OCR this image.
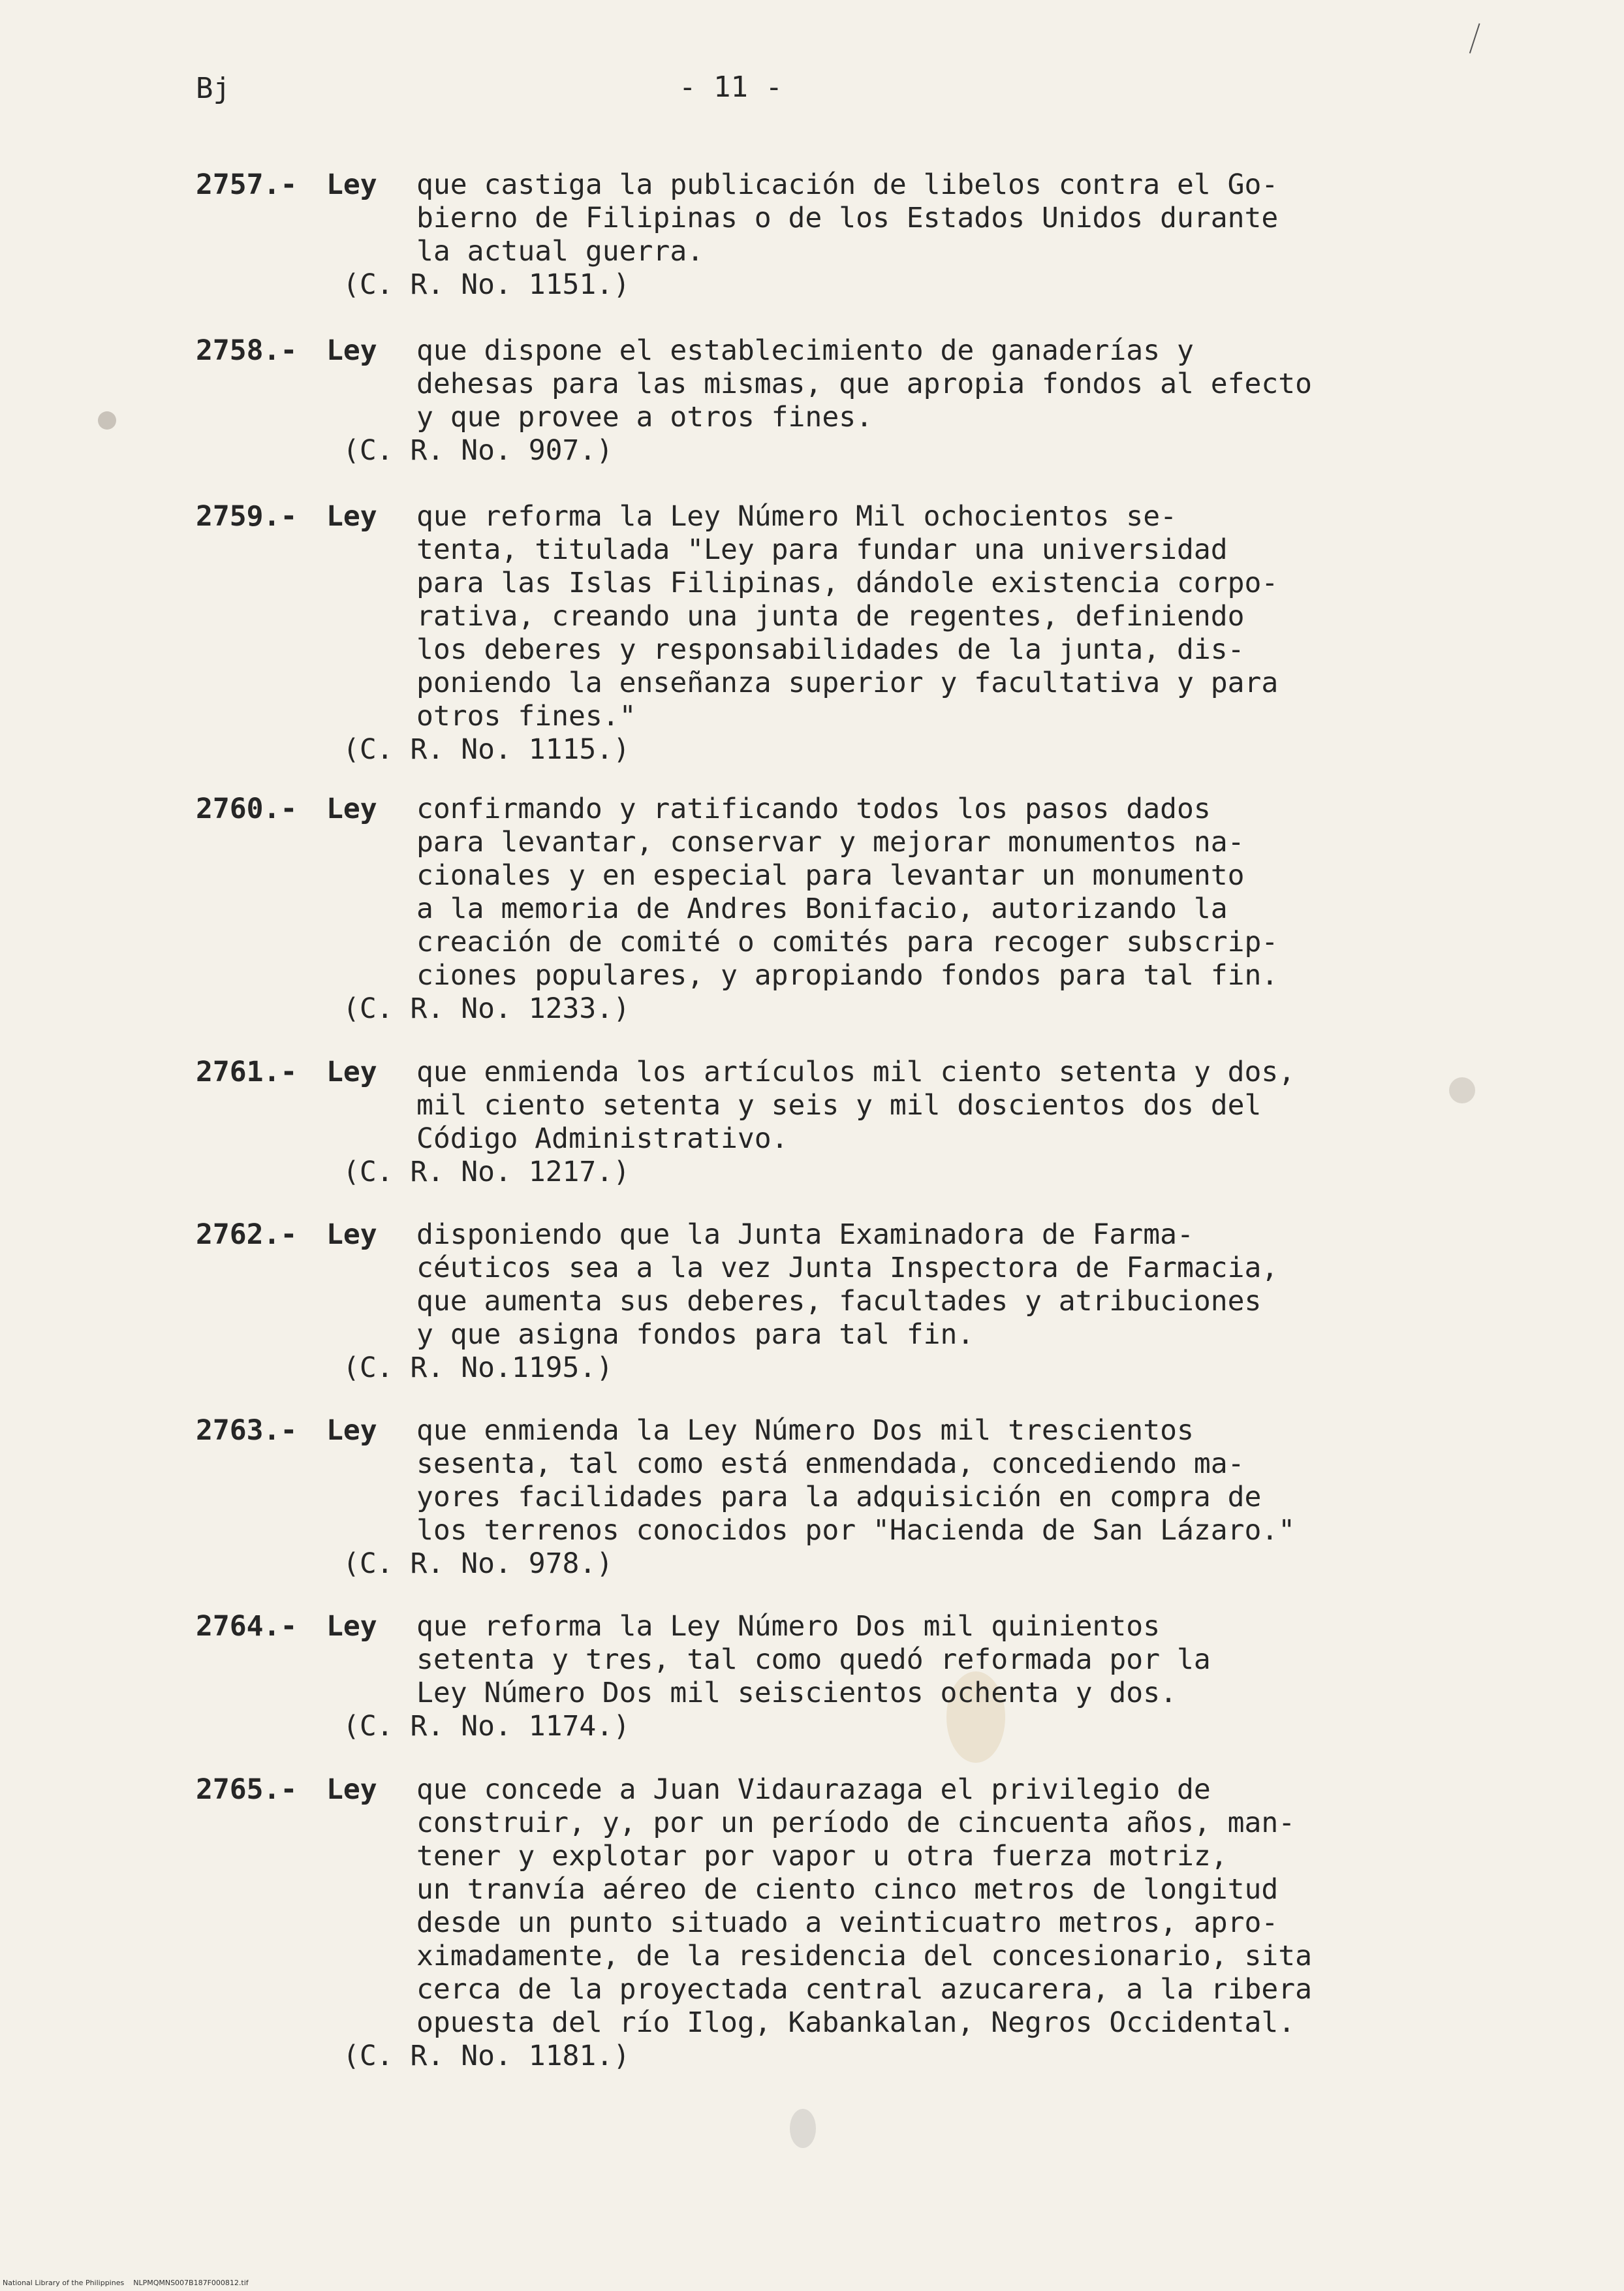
Bj	- 11 -
2757.-	Ley	que castiga la publicación de libelos contra el Go-
bierno de Filipinas o de los Estados Unidos durante
la actual guerra.
(C. R. No. 1151.)
2758.-	Ley	que dispone el establecimiento de ganaderías y
dehesas para las mismas, que apropia fondos al efecto
y que provee a otros fines.
(C. R. No. 907.)
2759.-	Ley	que reforma la Ley Número Mil ochocientos se-
tenta, titulada "Ley para fundar una universidad
para las Islas Filipinas, dándole existencia corpo-
rativa, creando una junta de regentes, definiendo
los deberes y responsabilidades de la junta, dis-
poniendo la enseñanza superior y facultativa y para
otros fines."
(C. R. No. 1115.)
2760.-	Ley	confirmando y ratificando todos los pasos dados
para levantar, conservar y mejorar monumentos na-
cionales y en especial para levantar un monumento
a la memoria de Andres Bonifacio, autorizando la
creación de comité o comités para recoger subscrip-
ciones populares, y apropiando fondos para tal fin.
(C. R. No. 1233.)
2761.-	Ley	que enmienda los artículos mil ciento setenta y dos,
mil ciento setenta y seis y mil doscientos dos del
Código Administrativo.
(C. R. No. 1217.)
2762.-	Ley	disponiendo que la Junta Examinadora de Farma-
céuticos sea a la vez Junta Inspectora de Farmacia,
que aumenta sus deberes, facultades y atribuciones
y que asigna fondos para tal fin.
(C. R. No.1195.)
2763.-	Ley	que enmienda la Ley Número Dos mil trescientos
sesenta, tal como está enmendada, concediendo ma-
yores facilidades para la adquisición en compra de
los terrenos conocidos por "Hacienda de San Lázaro."
(C. R. No. 978.)
2764.-	Ley	que reforma la Ley Número Dos mil quinientos
setenta y tres, tal como quedó reformada por la
Ley Número Dos mil seiscientos ochenta y dos.
(C. R. No. 1174.)
2765.-	Ley	que concede a Juan Vidaurazaga el privilegio de
construir, y, por un período de cincuenta años, man-
tener y explotar por vapor u otra fuerza motriz,
un tranvía aéreo de ciento cinco metros de longitud
desde un punto situado a veinticuatro metros, apro-
ximadamente, de la residencia del concesionario, sita
cerca de la proyectada central azucarera, a la ribera
opuesta del río Ilog, Kabankalan, Negros Occidental.
(C. R. No. 1181.)
National Library of the Philippines NLPMQMNS007B187F000812.tif
